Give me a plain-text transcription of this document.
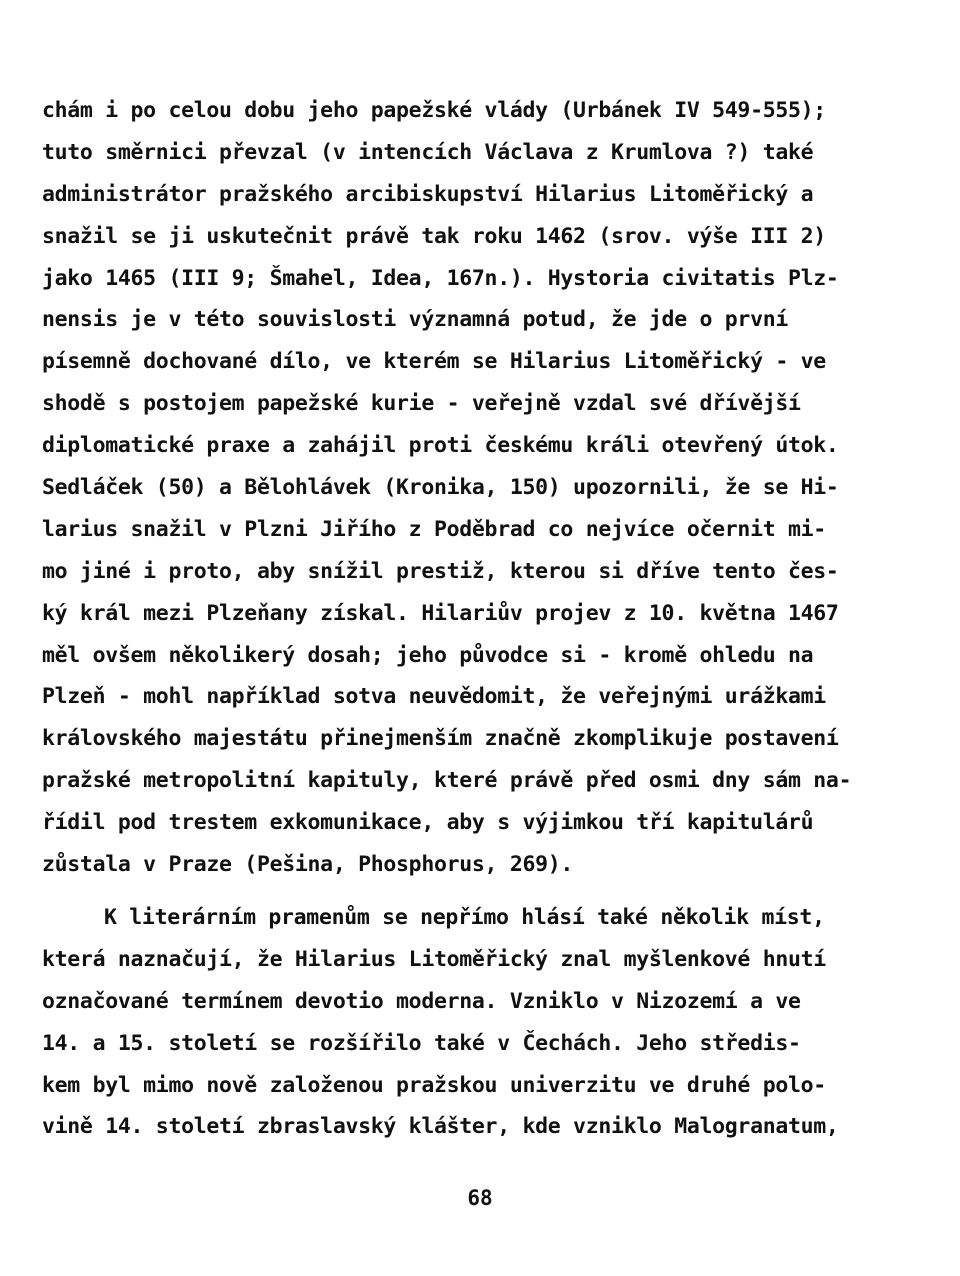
chám i po celou dobu jeho papežské vlády (Urbánek IV 549-555);
tuto směrnici převzal (v intencích Václava z Krumlova ?) také
administrátor pražského arcibiskupství Hilarius Litoměřický a
snažil se ji uskutečnit právě tak roku 1462 (srov. výše III 2)
jako 1465 (III 9; Šmahel, Idea, 167n.). Hystoria civitatis Plz-
nensis je v této souvislosti významná potud, že jde o první
písemně dochované dílo, ve kterém se Hilarius Litoměřický - ve
shodě s postojem papežské kurie - veřejně vzdal své dřívější
diplomatické praxe a zahájil proti českému králi otevřený útok.
Sedláček (50) a Bělohlávek (Kronika, 150) upozornili, že se Hi-
larius snažil v Plzni Jiřího z Poděbrad co nejvíce očernit mi-
mo jiné i proto, aby snížil prestiž, kterou si dříve tento čes-
ký král mezi Plzeňany získal. Hilariův projev z 10. května 1467
měl ovšem několikerý dosah; jeho původce si - kromě ohledu na
Plzeň - mohl například sotva neuvědomit, že veřejnými urážkami
královského majestátu přinejmenším značně zkomplikuje postavení
pražské metropolitní kapituly, které právě před osmi dny sám na-
řídil pod trestem exkomunikace, aby s výjimkou tří kapitulárů
zůstala v Praze (Pešina, Phosphorus, 269).
K literárním pramenům se nepřímo hlásí také několik míst,
která naznačují, že Hilarius Litoměřický znal myšlenkové hnutí
označované termínem devotio moderna. Vzniklo v Nizozemí a ve
14. a 15. století se rozšířilo také v Čechách. Jeho středis-
kem byl mimo nově založenou pražskou univerzitu ve druhé polo-
vině 14. století zbraslavský klášter, kde vzniklo Malogranatum,
68
